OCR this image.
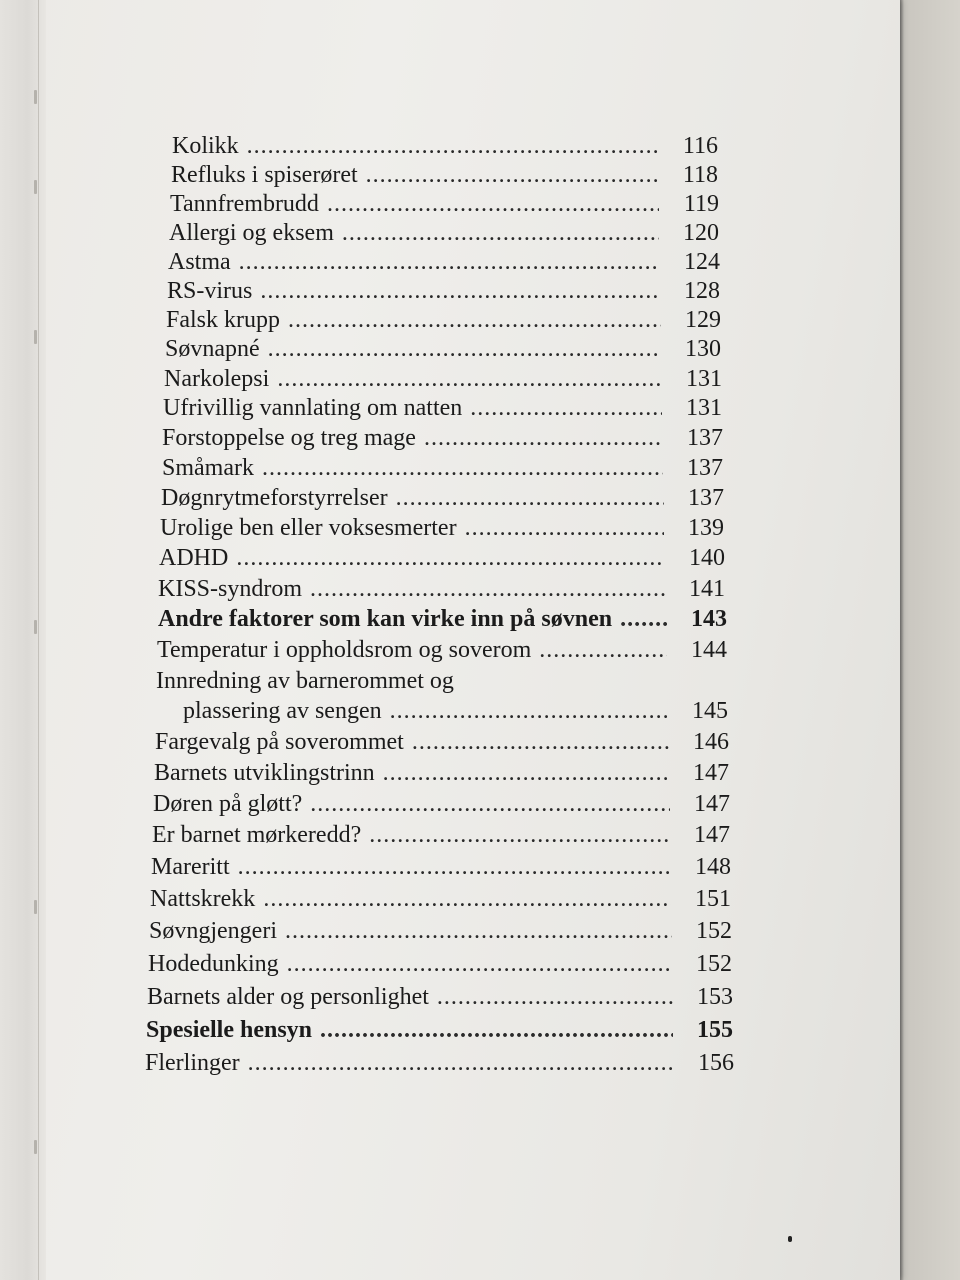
Kolikk .....	116
Refluks i spiserøret .....	118
Tannfrembrudd .....	119
Allergi og eksem .....	120
Astma .....	124
RS-virus .....	128
Falsk krupp .....	129
Søvnapné .....	130
Narkolepsi .....	131
Ufrivillig vannlating om natten .....	131
Forstoppelse og treg mage .....	137
Småmark .....	137
Døgnrytmeforstyrrelser .....	137
Urolige ben eller voksesmerter .....	139
ADHD .....	140
KISS-syndrom .....	141
Andre faktorer som kan virke inn på søvnen .....	143
Temperatur i oppholdsrom og soverom .....	144
Innredning av barnerommet og
plassering av sengen .....	145
Fargevalg på soverommet .....	146
Barnets utviklingstrinn .....	147
Døren på gløtt? .....	147
Er barnet mørkeredd? .....	147
Mareritt .....	148
Nattskrekk .....	151
Søvngjengeri .....	152
Hodedunking .....	152
Barnets alder og personlighet .....	153
Spesielle hensyn .....	155
Flerlinger .....	156
